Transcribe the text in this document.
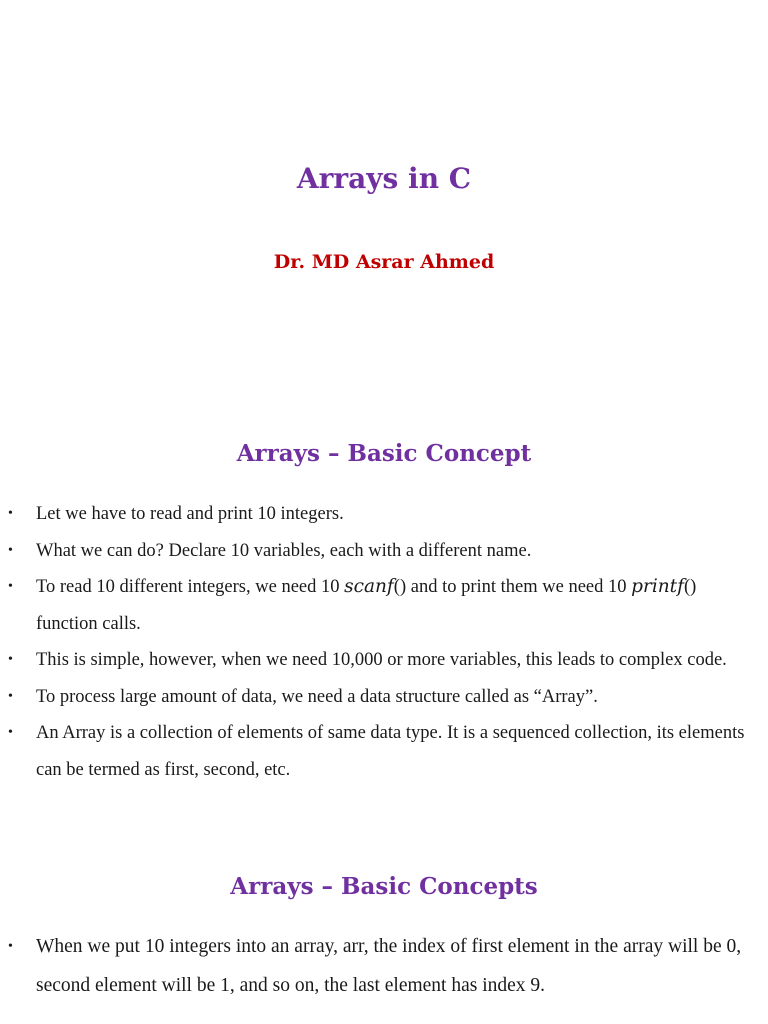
Arrays in C
Dr. MD Asrar Ahmed
Arrays – Basic Concept
• Let we have to read and print 10 integers.
• What we can do? Declare 10 variables, each with a different name.
• To read 10 different integers, we need 10 scanf() and to print them we need 10 printf() function calls.
• This is simple, however, when we need 10,000 or more variables, this leads to complex code.
• To process large amount of data, we need a data structure called as “Array”.
• An Array is a collection of elements of same data type. It is a sequenced collection, its elements can be termed as first, second, etc.
Arrays – Basic Concepts
• When we put 10 integers into an array, arr, the index of first element in the array will be 0, second element will be 1, and so on, the last element has index 9.
